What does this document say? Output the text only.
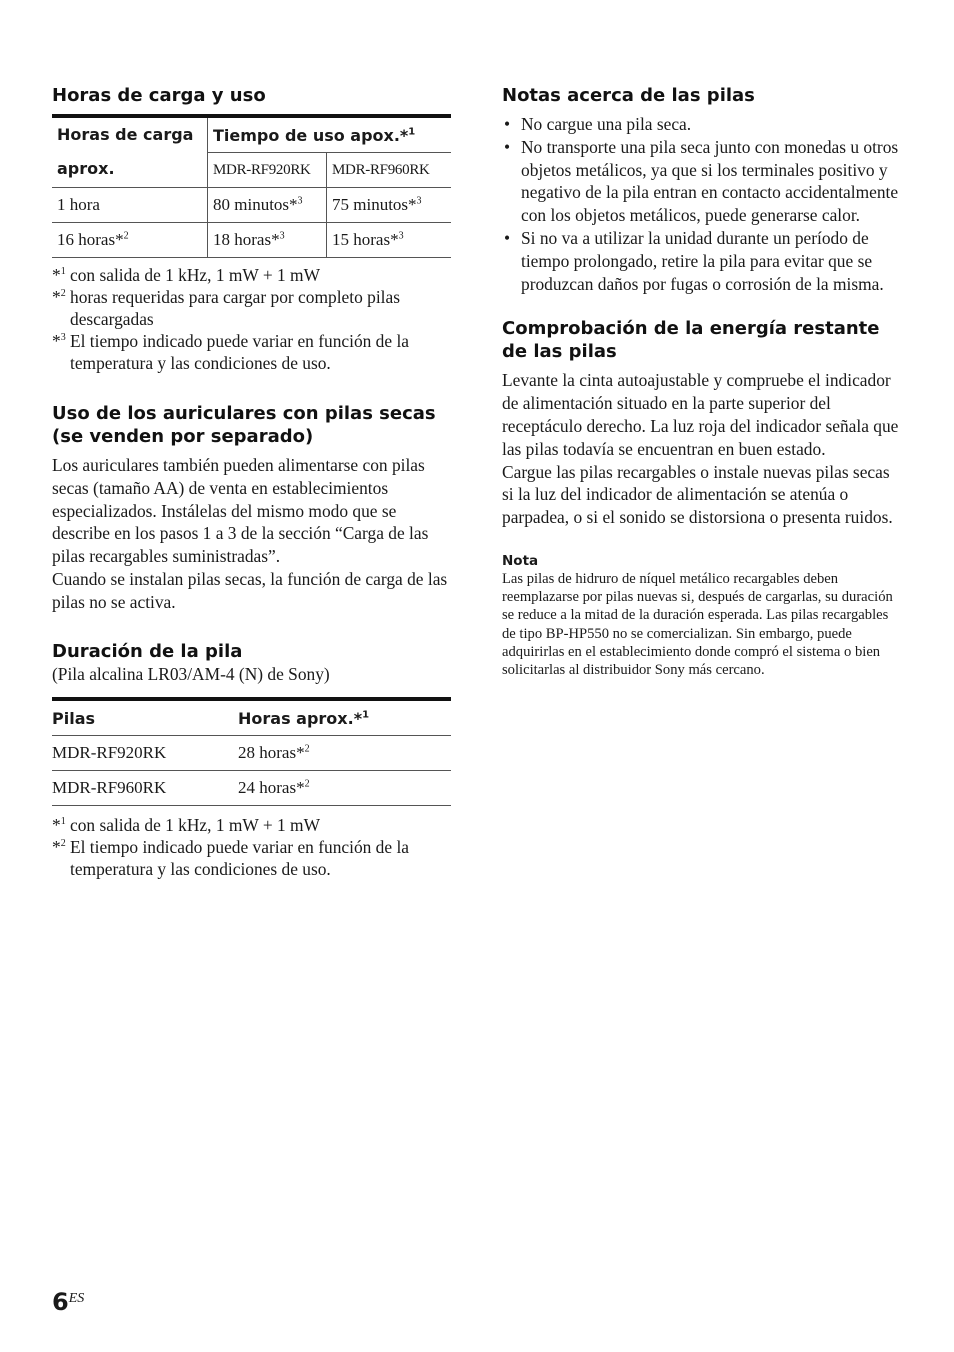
Horas de carga y uso
Horas de carga aprox.	Tiempo de uso apox.*$^1$
	MDR-RF920RK	MDR-RF960RK
1 hora	80 minutos*$^3$	75 minutos*$^3$
16 horas*$^2$	18 horas*$^3$	15 horas*$^3$
*$^1$ con salida de 1 kHz, 1 mW + 1 mW
*$^2$ horas requeridas para cargar por completo pilas descargadas
*$^3$ El tiempo indicado puede variar en función de la temperatura y las condiciones de uso.
Uso de los auriculares con pilas secas (se venden por separado)

Los auriculares también pueden alimentarse con pilas secas (tamaño AA) de venta en establecimientos especializados. Instálelas del mismo modo que se describe en los pasos 1 a 3 de la sección “Carga de las pilas recargables suministradas”.

Cuando se instalan pilas secas, la función de carga de las pilas no se activa.

Duración de la pila

(Pila alcalina LR03/AM-4 (N) de Sony)

Pilas	Horas aprox.*$^1$
MDR-RF920RK	28 horas*$^2$
MDR-RF960RK	24 horas*$^2$
*$^1$ con salida de 1 kHz, 1 mW + 1 mW
*$^2$ El tiempo indicado puede variar en función de la temperatura y las condiciones de uso.
Notas acerca de las pilas
• No cargue una pila seca.
• No transporte una pila seca junto con monedas u otros objetos metálicos, ya que si los terminales positivo y negativo de la pila entran en contacto accidentalmente con los objetos metálicos, puede generarse calor.
• Si no va a utilizar la unidad durante un período de tiempo prolongado, retire la pila para evitar que se produzcan daños por fugas o corrosión de la misma.
Comprobación de la energía restante de las pilas

Levante la cinta autoajustable y compruebe el indicador de alimentación situado en la parte superior del receptáculo derecho. La luz roja del indicador señala que las pilas todavía se encuentran en buen estado.

Cargue las pilas recargables o instale nuevas pilas secas si la luz del indicador de alimentación se atenúa o parpadea, o si el sonido se distorsiona o presenta ruidos.

Nota

Las pilas de hidruro de níquel metálico recargables deben reemplazarse por pilas nuevas si, después de cargarlas, su duración se reduce a la mitad de la duración esperada. Las pilas recargables de tipo BP-HP550 no se comercializan. Sin embargo, puede adquirirlas en el establecimiento donde compró el sistema o bien solicitarlas al distribuidor Sony más cercano.

$6^{ES}$
